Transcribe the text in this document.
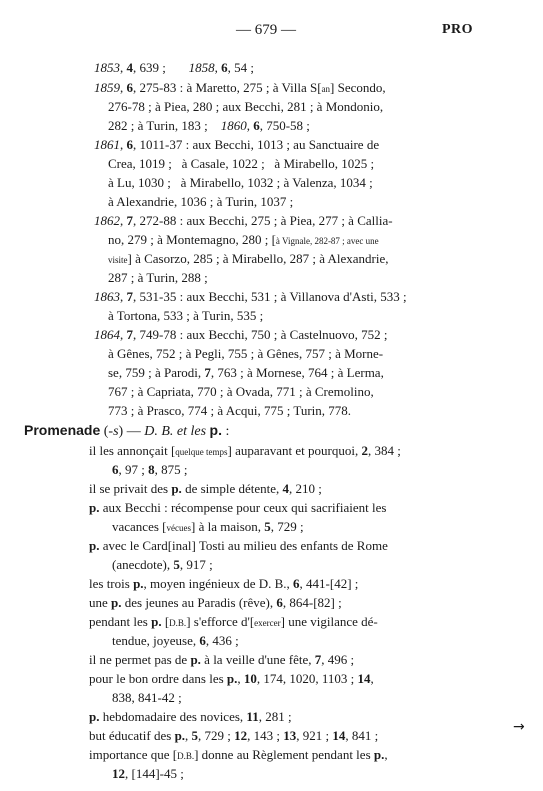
— 679 —	PRO
1853, 4, 639 ;       1858, 6, 54 ;
1859, 6, 275-83 : à Maretto, 275 ; à Villa S[an] Secondo,
276-78 ; à Piea, 280 ; aux Becchi, 281 ; à Mondonio,
282 ; à Turin, 183 ;    1860, 6, 750-58 ;
1861, 6, 1011-37 : aux Becchi, 1013 ; au Sanctuaire de
Crea, 1019 ;   à Casale, 1022 ;   à Mirabello, 1025 ;
à Lu, 1030 ;   à Mirabello, 1032 ; à Valenza, 1034 ;
à Alexandrie, 1036 ; à Turin, 1037 ;
1862, 7, 272-88 : aux Becchi, 275 ; à Piea, 277 ; à Callia-
no, 279 ; à Montemagno, 280 ; [à Vignale, 282-87 ; avec une
visite] à Casorzo, 285 ; à Mirabello, 287 ; à Alexandrie,
287 ; à Turin, 288 ;
1863, 7, 531-35 : aux Becchi, 531 ; à Villanova d'Asti, 533 ;
à Tortona, 533 ; à Turin, 535 ;
1864, 7, 749-78 : aux Becchi, 750 ; à Castelnuovo, 752 ;
à Gênes, 752 ; à Pegli, 755 ; à Gênes, 757 ; à Morne-
se, 759 ; à Parodi, 7, 763 ; à Mornese, 764 ; à Lerma,
767 ; à Capriata, 770 ; à Ovada, 771 ; à Cremolino,
773 ; à Prasco, 774 ; à Acqui, 775 ; Turin, 778.
Promenade (-s) — D. B. et les p. :
il les annonçait [quelque temps] auparavant et pourquoi, 2, 384 ;
6, 97 ; 8, 875 ;
il se privait des p. de simple détente, 4, 210 ;
p. aux Becchi : récompense pour ceux qui sacrifiaient les
vacances [vécues] à la maison, 5, 729 ;
p. avec le Card[inal] Tosti au milieu des enfants de Rome
(anecdote), 5, 917 ;
les trois p., moyen ingénieux de D. B., 6, 441-[42] ;
une p. des jeunes au Paradis (rêve), 6, 864-[82] ;
pendant les p. [D.B.] s'efforce d'[exercer] une vigilance dé-
tendue, joyeuse, 6, 436 ;
il ne permet pas de p. à la veille d'une fête, 7, 496 ;
pour le bon ordre dans les p., 10, 174, 1020, 1103 ; 14,
838, 841-42 ;
p. hebdomadaire des novices, 11, 281 ;
but éducatif des p., 5, 729 ; 12, 143 ; 13, 921 ; 14, 841 ;
importance que [D.B.] donne au Règlement pendant les p.,
12, [144]-45 ;
→
